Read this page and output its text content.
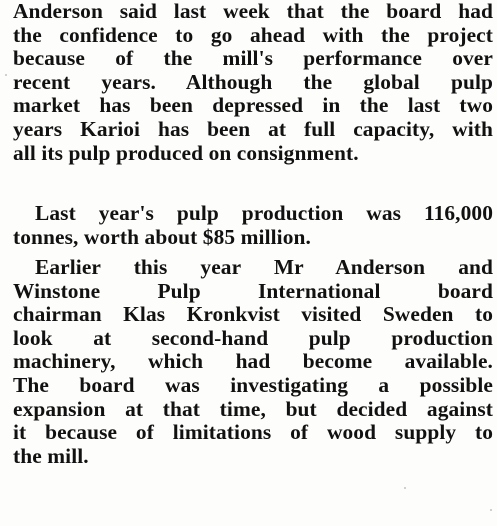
Anderson said last week that the board had
the confidence to go ahead with the project
because of the mill's performance over
recent years. Although the global pulp
market has been depressed in the last two
years Karioi has been at full capacity, with
all its pulp produced on consignment.
Last year's pulp production was 116,000
tonnes, worth about $85 million.
Earlier this year Mr Anderson and
Winstone Pulp International board
chairman Klas Kronkvist visited Sweden to
look at second-hand pulp production
machinery, which had become available.
The board was investigating a possible
expansion at that time, but decided against
it because of limitations of wood supply to
the mill.
